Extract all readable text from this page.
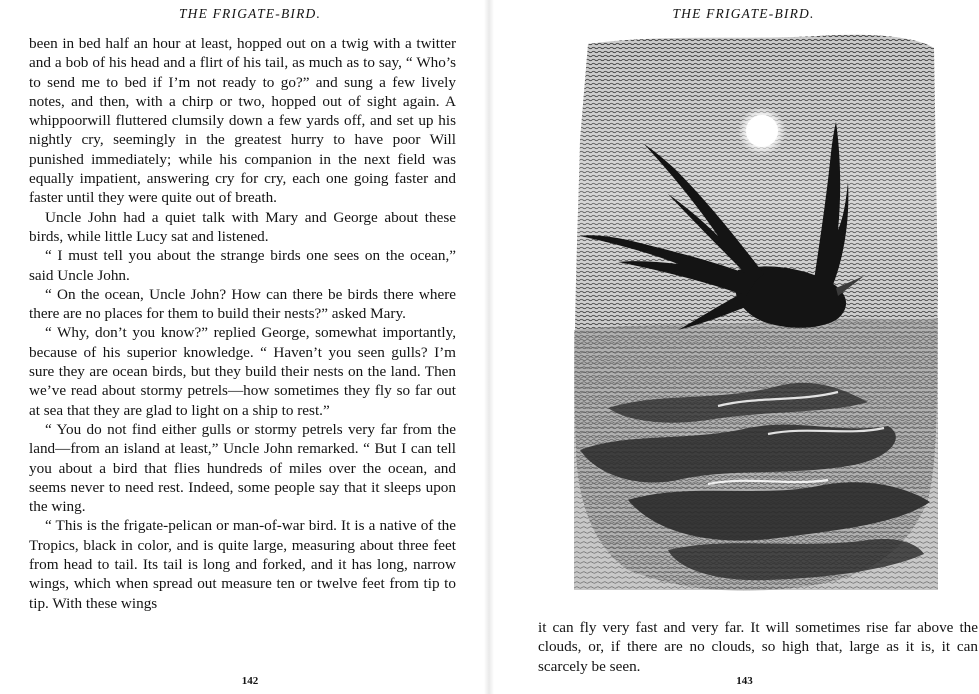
THE FRIGATE-BIRD.

been in bed half an hour at least, hopped out on a twig with a twitter and a bob of his head and a flirt of his tail, as much as to say, “ Who’s to send me to bed if I’m not ready to go?” and sung a few lively notes, and then, with a chirp or two, hopped out of sight again. A whippoorwill fluttered clumsily down a few yards off, and set up his nightly cry, seemingly in the greatest hurry to have poor Will punished immediately; while his companion in the next field was equally impatient, answering cry for cry, each one going faster and faster until they were quite out of breath.

Uncle John had a quiet talk with Mary and George about these birds, while little Lucy sat and listened.

“ I must tell you about the strange birds one sees on the ocean,” said Uncle John.

“ On the ocean, Uncle John? How can there be birds there where there are no places for them to build their nests?” asked Mary.

“ Why, don’t you know?” replied George, somewhat importantly, because of his superior knowledge. “ Haven’t you seen gulls? I’m sure they are ocean birds, but they build their nests on the land. Then we’ve read about stormy petrels—how sometimes they fly so far out at sea that they are glad to light on a ship to rest.”

“ You do not find either gulls or stormy petrels very far from the land—from an island at least,” Uncle John remarked. “ But I can tell you about a bird that flies hundreds of miles over the ocean, and seems never to need rest. Indeed, some people say that it sleeps upon the wing.

“ This is the frigate-pelican or man-of-war bird. It is a native of the Tropics, black in color, and is quite large, measuring about three feet from head to tail. Its tail is long and forked, and it has long, narrow wings, which when spread out measure ten or twelve feet from tip to tip. With these wings

142
THE FRIGATE-BIRD.

it can fly very fast and very far. It will sometimes rise far above the clouds, or, if there are no clouds, so high that, large as it is, it can scarcely be seen.

143
